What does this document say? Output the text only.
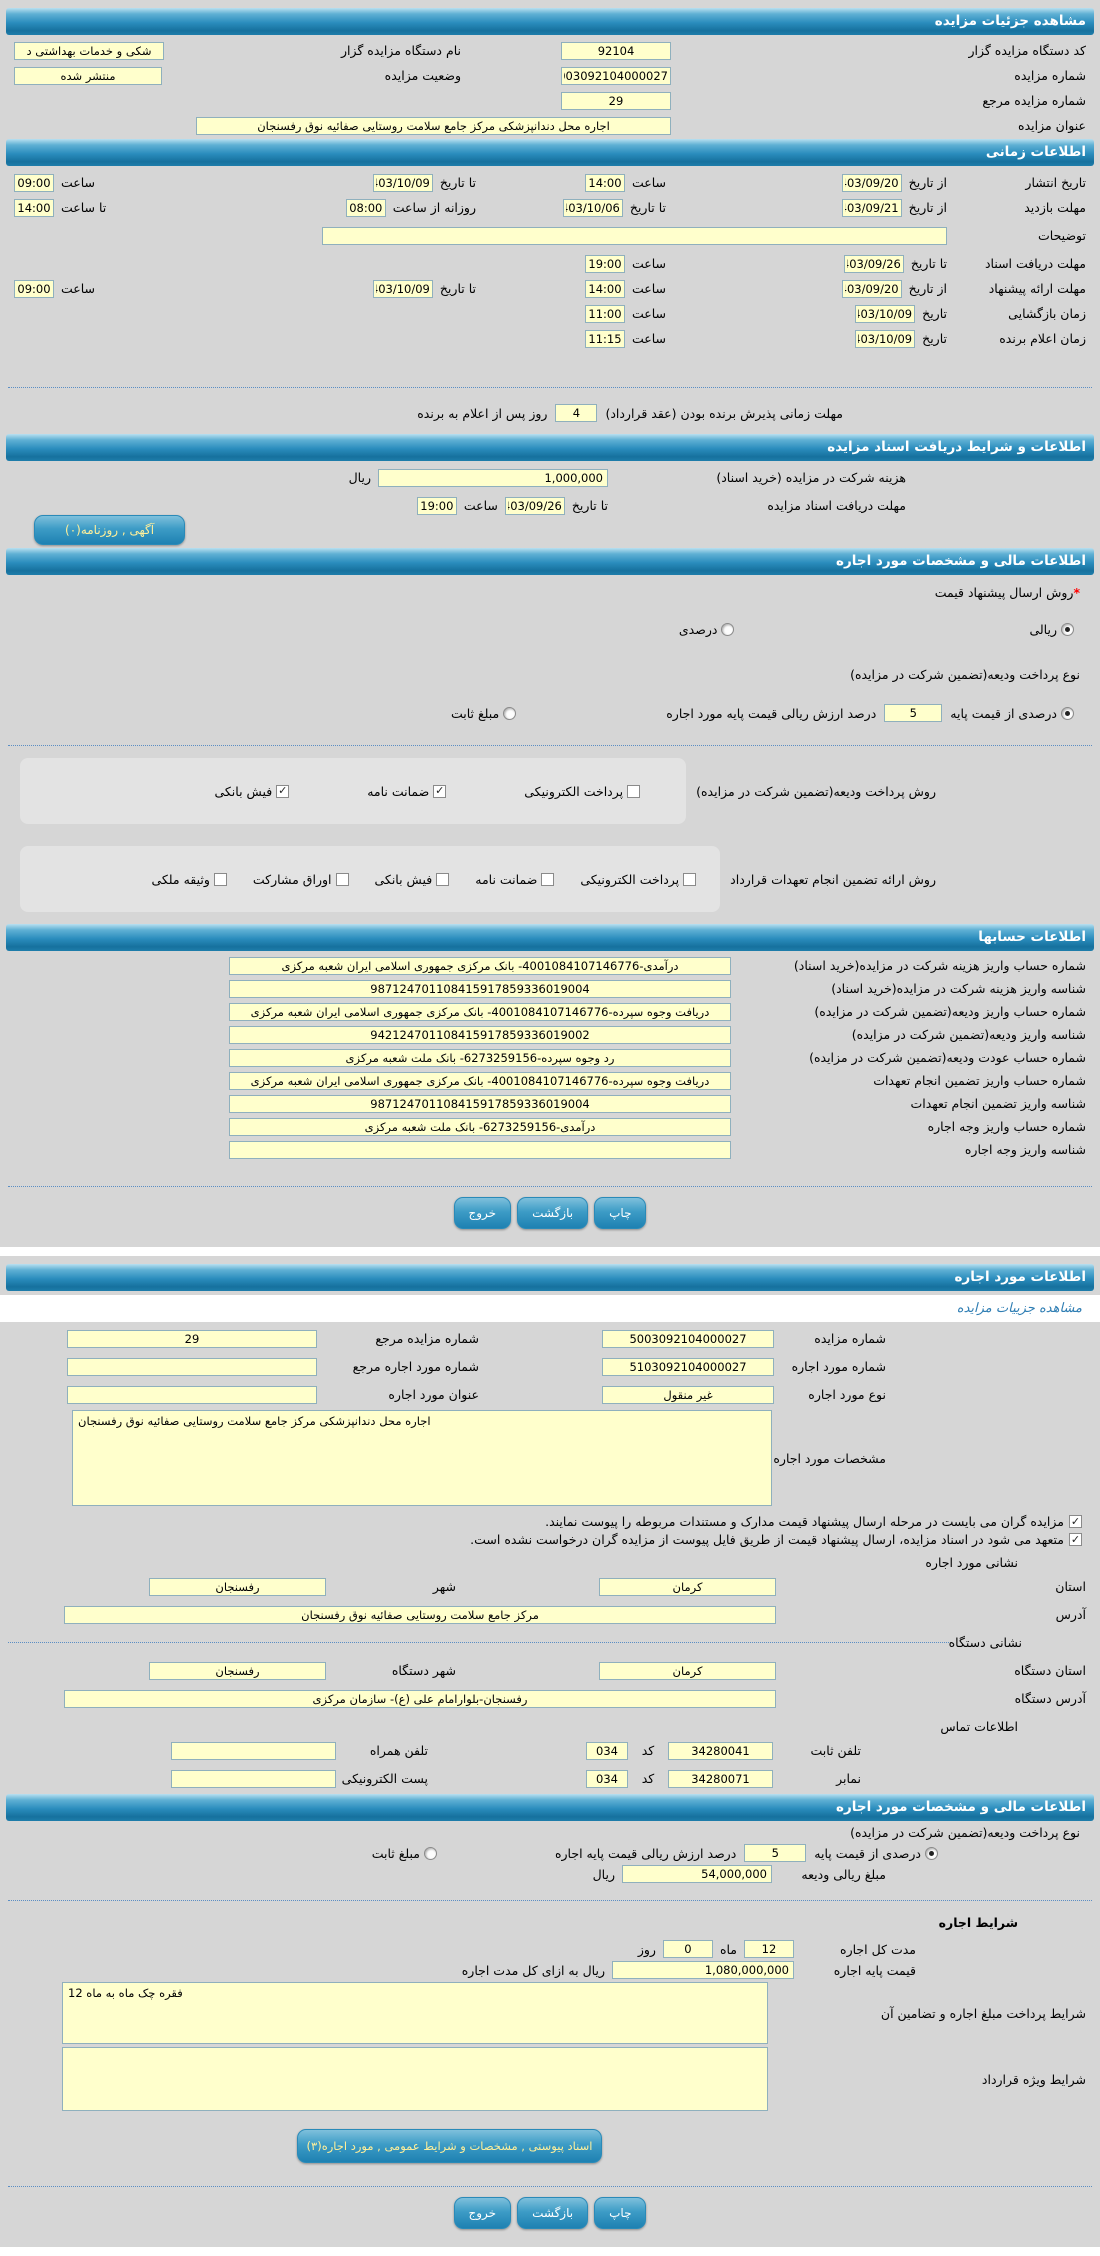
مشاهده جزئیات مزایده
کد دستگاه مزایده گزار
92104
نام دستگاه مزایده گزار
شکی و خدمات بهداشتی د
شماره مزایده
5003092104000027
وضعیت مزایده
منتشر شده
شماره مزایده مرجع
29
عنوان مزایده
اجاره محل دندانپزشکی مرکز جامع سلامت روستایی صفائیه نوق رفسنجان
اطلاعات زمانی
تاریخ انتشار
از تاریخ
1403/09/20
ساعت
14:00
تا تاریخ
1403/10/09
ساعت
09:00
مهلت بازدید
از تاریخ
1403/09/21
تا تاریخ
1403/10/06
روزانه از ساعت
08:00
تا ساعت
14:00
توضیحات
مهلت دریافت اسناد
تا تاریخ
1403/09/26
ساعت
19:00
مهلت ارائه پیشنهاد
از تاریخ
1403/09/20
ساعت
14:00
تا تاریخ
1403/10/09
ساعت
09:00
زمان بازگشایی
تاریخ
1403/10/09
ساعت
11:00
زمان اعلام برنده
تاریخ
1403/10/09
ساعت
11:15
مهلت زمانی پذیرش برنده بودن (عقد قرارداد)
4
روز پس از اعلام به برنده
اطلاعات و شرایط دریافت اسناد مزایده
هزینه شرکت در مزایده (خرید اسناد)
1,000,000
ریال
مهلت دریافت اسناد مزایده
تا تاریخ
1403/09/26
ساعت
19:00
آگهی , روزنامه(۰)
اطلاعات مالی و مشخصات مورد اجاره
*
روش ارسال پیشنهاد قیمت
ریالی
درصدی
نوع پرداخت ودیعه(تضمین شرکت در مزایده)
درصدی از قیمت پایه
5
درصد ارزش ریالی قیمت پایه مورد اجاره
مبلغ ثابت
روش پرداخت ودیعه(تضمین شرکت در مزایده)
پرداخت الکترونیکی
✓
ضمانت نامه
✓
فیش بانکی
روش ارائه تضمین انجام تعهدات قرارداد
پرداخت الکترونیکی
ضمانت نامه
فیش بانکی
اوراق مشارکت
وثیقه ملکی
اطلاعات حسابها
شماره حساب واریز هزینه شرکت در مزایده(خرید اسناد)
درآمدی-4001084107146776- بانک مرکزی جمهوری اسلامی ایران شعبه مرکزی
شناسه واریز هزینه شرکت در مزایده(خرید اسناد)
987124701108415917859336019004
شماره حساب واریز ودیعه(تضمین شرکت در مزایده)
دریافت وجوه سپرده-4001084107146776- بانک مرکزی جمهوری اسلامی ایران شعبه مرکزی
شناسه واریز ودیعه(تضمین شرکت در مزایده)
942124701108415917859336019002
شماره حساب عودت ودیعه(تضمین شرکت در مزایده)
رد وجوه سپرده-6273259156- بانک ملت شعبه مرکزی
شماره حساب واریز تضمین انجام تعهدات
دریافت وجوه سپرده-4001084107146776- بانک مرکزی جمهوری اسلامی ایران شعبه مرکزی
شناسه واریز تضمین انجام تعهدات
987124701108415917859336019004
شماره حساب واریز وجه اجاره
درآمدی-6273259156- بانک ملت شعبه مرکزی
شناسه واریز وجه اجاره
چاپ
بازگشت
خروج
اطلاعات مورد اجاره
مشاهده جزییات مزایده
شماره مزایده
5003092104000027
شماره مزایده مرجع
29
شماره مورد اجاره
5103092104000027
شماره مورد اجاره مرجع
نوع مورد اجاره
غیر منقول
عنوان مورد اجاره
مشخصات مورد اجاره
اجاره محل دندانپزشکی مرکز جامع سلامت روستایی صفائیه نوق رفسنجان
✓
مزایده گران می بایست در مرحله ارسال پیشنهاد قیمت مدارک و مستندات مربوطه را پیوست نمایند.
✓
متعهد می شود در اسناد مزایده، ارسال پیشنهاد قیمت از طریق فایل پیوست از مزایده گران درخواست نشده است.
نشانی مورد اجاره
استان
کرمان
شهر
رفسنجان
آدرس
مرکز جامع سلامت روستایی صفائیه نوق رفسنجان
نشانی دستگاه
استان دستگاه
کرمان
شهر دستگاه
رفسنجان
آدرس دستگاه
رفسنجان-بلوارامام علی (ع)- سازمان مرکزی
اطلاعات تماس
تلفن ثابت
34280041
کد
034
تلفن همراه
نمابر
34280071
کد
034
پست الکترونیکی
اطلاعات مالی و مشخصات مورد اجاره
نوع پرداخت ودیعه(تضمین شرکت در مزایده)
درصدی از قیمت پایه
5
درصد ارزش ریالی قیمت پایه اجاره
مبلغ ثابت
مبلغ ریالی ودیعه
54,000,000
ریال
شرایط اجاره
مدت کل اجاره
12
ماه
0
روز
قیمت پایه اجاره
1,080,000,000
ریال به ازای کل مدت اجاره
شرایط پرداخت مبلغ اجاره و تضامین آن
12 فقره چک ماه به ماه
شرایط ویژه قرارداد
اسناد پیوستی , مشخصات و شرایط عمومی , مورد اجاره(۳)
چاپ
بازگشت
خروج
